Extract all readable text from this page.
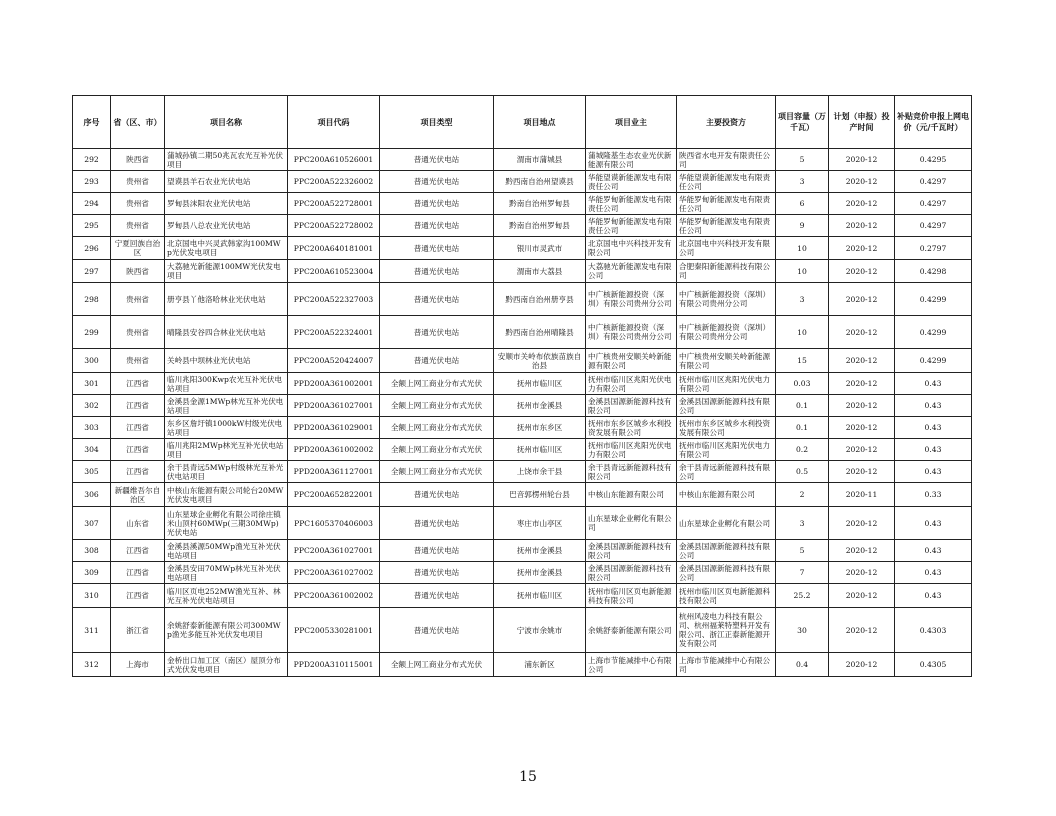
序号	省（区、市）	项目名称	项目代码	项目类型	项目地点	项目业主	主要投资方	项目容量（万千瓦）	计划（申报）投产时间	补贴竞价申报上网电价（元/千瓦时）
292	陕西省	蒲城孙镇二期50兆瓦农光互补光伏项目	PPC200A610526001	普通光伏电站	渭南市蒲城县	蒲城隆基生态农业光伏新能源有限公司	陕西省水电开发有限责任公司	5	2020-12	0.4295
293	贵州省	望谟县羊石农业光伏电站	PPC200A522326002	普通光伏电站	黔西南自治州望谟县	华能望谟新能源发电有限责任公司	华能望谟新能源发电有限责任公司	3	2020-12	0.4297
294	贵州省	罗甸县沫阳农业光伏电站	PPC200A522728001	普通光伏电站	黔南自治州罗甸县	华能罗甸新能源发电有限责任公司	华能罗甸新能源发电有限责任公司	6	2020-12	0.4297
295	贵州省	罗甸县八总农业光伏电站	PPC200A522728002	普通光伏电站	黔南自治州罗甸县	华能罗甸新能源发电有限责任公司	华能罗甸新能源发电有限责任公司	9	2020-12	0.4297
296	宁夏回族自治区	北京国电中兴灵武韩家沟100MWp光伏发电项目	PPC200A640181001	普通光伏电站	银川市灵武市	北京国电中兴科技开发有限公司	北京国电中兴科技开发有限公司	10	2020-12	0.2797
297	陕西省	大荔驰光新能源100MW光伏发电项目	PPC200A610523004	普通光伏电站	渭南市大荔县	大荔驰光新能源发电有限公司	合肥秦阳新能源科技有限公司	10	2020-12	0.4298
298	贵州省	册亨县丫他洛哈林业光伏电站	PPC200A522327003	普通光伏电站	黔西南自治州册亨县	中广核新能源投资（深圳）有限公司贵州分公司	中广核新能源投资（深圳）有限公司贵州分公司	3	2020-12	0.4299
299	贵州省	晴隆县安谷四合林业光伏电站	PPC200A522324001	普通光伏电站	黔西南自治州晴隆县	中广核新能源投资（深圳）有限公司贵州分公司	中广核新能源投资（深圳）有限公司贵州分公司	10	2020-12	0.4299
300	贵州省	关岭县中坝林业光伏电站	PPC200A520424007	普通光伏电站	安顺市关岭布依族苗族自治县	中广核贵州安顺关岭新能源有限公司	中广核贵州安顺关岭新能源有限公司	15	2020-12	0.4299
301	江西省	临川兆阳300Kwp农光互补光伏电站项目	PPD200A361002001	全额上网工商业分布式光伏	抚州市临川区	抚州市临川区兆阳光伏电力有限公司	抚州市临川区兆阳光伏电力有限公司	0.03	2020-12	0.43
302	江西省	金溪县金源1MWp林光互补光伏电站项目	PPD200A361027001	全额上网工商业分布式光伏	抚州市金溪县	金溪县国源新能源科技有限公司	金溪县国源新能源科技有限公司	0.1	2020-12	0.43
303	江西省	东乡区詹圩镇1000kW村级光伏电站项目	PPD200A361029001	全额上网工商业分布式光伏	抚州市东乡区	抚州市东乡区城乡水利投资发展有限公司	抚州市东乡区城乡水利投资发展有限公司	0.1	2020-12	0.43
304	江西省	临川兆阳2MWp林光互补光伏电站项目	PPD200A361002002	全额上网工商业分布式光伏	抚州市临川区	抚州市临川区兆阳光伏电力有限公司	抚州市临川区兆阳光伏电力有限公司	0.2	2020-12	0.43
305	江西省	余干县青远5MWp村级林光互补光伏电站项目	PPD200A361127001	全额上网工商业分布式光伏	上饶市余干县	余干县青远新能源科技有限公司	余干县青远新能源科技有限公司	0.5	2020-12	0.43
306	新疆维吾尔自治区	中核山东能源有限公司轮台20MW光伏发电项目	PPC200A652822001	普通光伏电站	巴音郭楞州轮台县	中核山东能源有限公司	中核山东能源有限公司	2	2020-11	0.33
307	山东省	山东星球企业孵化有限公司徐庄镇米山顶村60MWp(三期30MWp)光伏电站	PPC1605370406003	普通光伏电站	枣庄市山亭区	山东星球企业孵化有限公司	山东星球企业孵化有限公司	3	2020-12	0.43
308	江西省	金溪县溪源50MWp渔光互补光伏电站项目	PPC200A361027001	普通光伏电站	抚州市金溪县	金溪县国源新能源科技有限公司	金溪县国源新能源科技有限公司	5	2020-12	0.43
309	江西省	金溪县安田70MWp林光互补光伏电站项目	PPC200A361027002	普通光伏电站	抚州市金溪县	金溪县国源新能源科技有限公司	金溪县国源新能源科技有限公司	7	2020-12	0.43
310	江西省	临川区页电252MW渔光互补、林光互补光伏电站项目	PPC200A361002002	普通光伏电站	抚州市临川区	抚州市临川区页电新能源科技有限公司	抚州市临川区页电新能源科技有限公司	25.2	2020-12	0.43
311	浙江省	余姚舒泰新能源有限公司300MWp渔光多能互补光伏发电项目	PPC2005330281001	普通光伏电站	宁波市余姚市	余姚舒泰新能源有限公司	杭州风凌电力科技有限公司、杭州福莱特塑料开发有限公司、浙江正泰新能源开发有限公司	30	2020-12	0.4303
312	上海市	金桥出口加工区（南区）屋顶分布式光伏发电项目	PPD200A310115001	全额上网工商业分布式光伏	浦东新区	上海市节能减排中心有限公司	上海市节能减排中心有限公司	0.4	2020-12	0.4305
15
